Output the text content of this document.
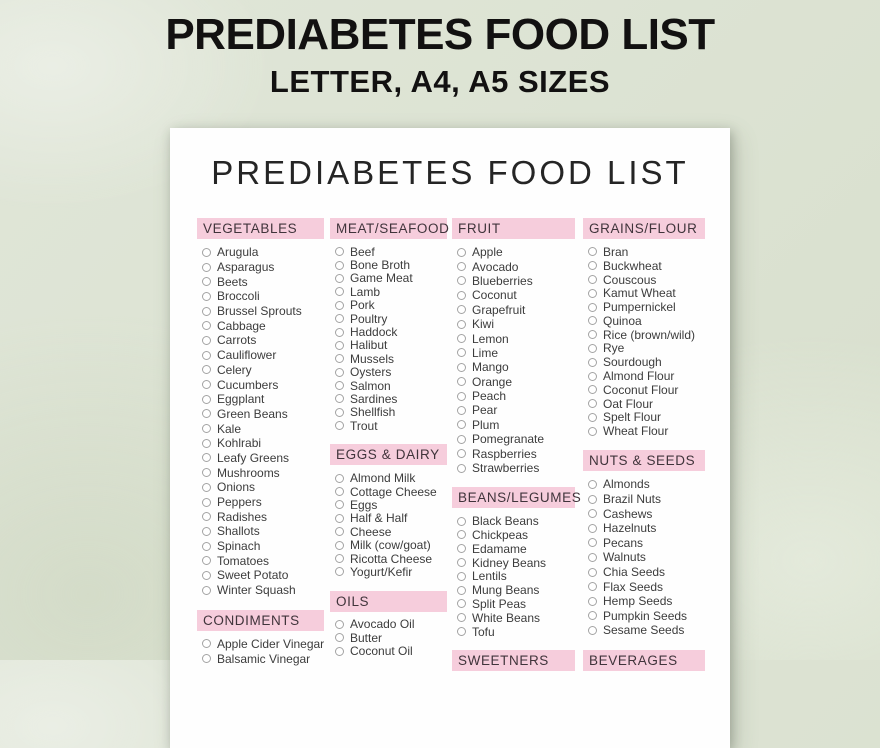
PREDIABETES FOOD LIST
LETTER, A4, A5 SIZES
PREDIABETES FOOD LIST
VEGETABLES
Arugula
Asparagus
Beets
Broccoli
Brussel Sprouts
Cabbage
Carrots
Cauliflower
Celery
Cucumbers
Eggplant
Green Beans
Kale
Kohlrabi
Leafy Greens
Mushrooms
Onions
Peppers
Radishes
Shallots
Spinach
Tomatoes
Sweet Potato
Winter Squash
CONDIMENTS
Apple Cider Vinegar
Balsamic Vinegar
MEAT/SEAFOOD
Beef
Bone Broth
Game Meat
Lamb
Pork
Poultry
Haddock
Halibut
Mussels
Oysters
Salmon
Sardines
Shellfish
Trout
EGGS & DAIRY
Almond Milk
Cottage Cheese
Eggs
Half & Half
Cheese
Milk (cow/goat)
Ricotta Cheese
Yogurt/Kefir
OILS
Avocado Oil
Butter
Coconut Oil
FRUIT
Apple
Avocado
Blueberries
Coconut
Grapefruit
Kiwi
Lemon
Lime
Mango
Orange
Peach
Pear
Plum
Pomegranate
Raspberries
Strawberries
BEANS/LEGUMES
Black Beans
Chickpeas
Edamame
Kidney Beans
Lentils
Mung Beans
Split Peas
White Beans
Tofu
SWEETNERS
GRAINS/FLOUR
Bran
Buckwheat
Couscous
Kamut Wheat
Pumpernickel
Quinoa
Rice (brown/wild)
Rye
Sourdough
Almond Flour
Coconut Flour
Oat Flour
Spelt Flour
Wheat Flour
NUTS & SEEDS
Almonds
Brazil Nuts
Cashews
Hazelnuts
Pecans
Walnuts
Chia Seeds
Flax Seeds
Hemp Seeds
Pumpkin Seeds
Sesame Seeds
BEVERAGES
